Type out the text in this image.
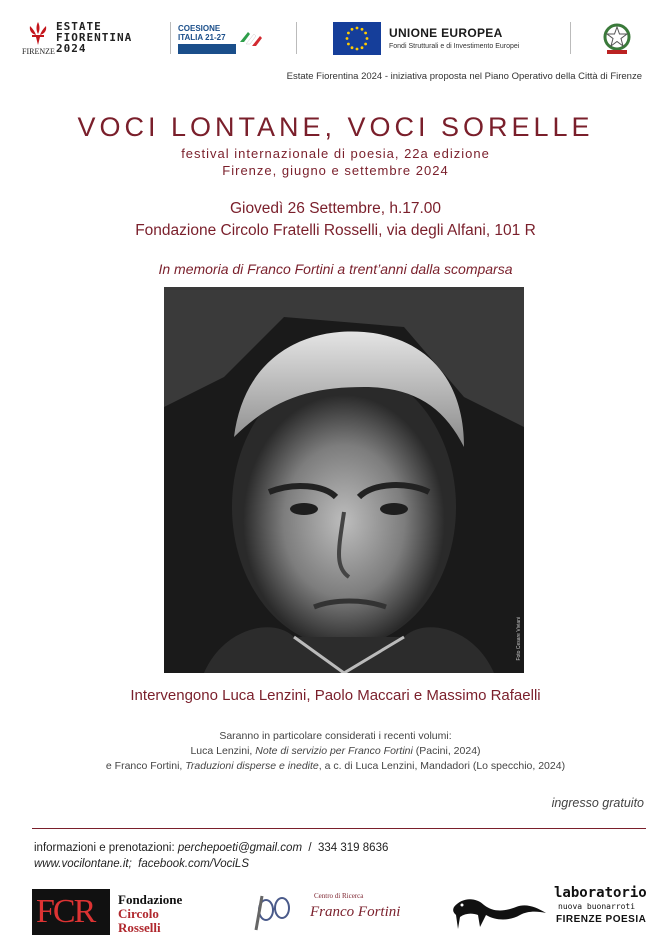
FIRENZE
ESTATE
FIORENTINA
2024
COESIONE
ITALIA 21-27	UNIONE EUROPEA
Fondi Strutturali e di Investimento Europei
Estate Fiorentina 2024 - iniziativa proposta nel Piano Operativo della Città di Firenze
VOCI LONTANE, VOCI SORELLE
festival internazionale di poesia, 22a edizione
Firenze, giugno e settembre 2024
Giovedì 26 Settembre, h.17.00
Fondazione Circolo Fratelli Rosselli, via degli Alfani, 101 R
In memoria di Franco Fortini a trent’anni dalla scomparsa
Foto Cesare Viviani
Intervengono Luca Lenzini, Paolo Maccari e Massimo Rafaelli
Saranno in particolare considerati i recenti volumi:
Luca Lenzini, Note di servizio per Franco Fortini (Pacini, 2024)
e Franco Fortini, Traduzioni disperse e inedite, a c. di Luca Lenzini, Mandadori (Lo specchio, 2024)
ingresso gratuito
informazioni e prenotazioni: perchepoeti@gmail.com  /  334 319 8636
www.vocilontane.it;  facebook.com/VociLS
FCR Fondazione
Circolo
Rosselli
Centro di Ricerca
Franco Fortini
laboratorio
nuova buonarroti
FIRENZE POESIA
